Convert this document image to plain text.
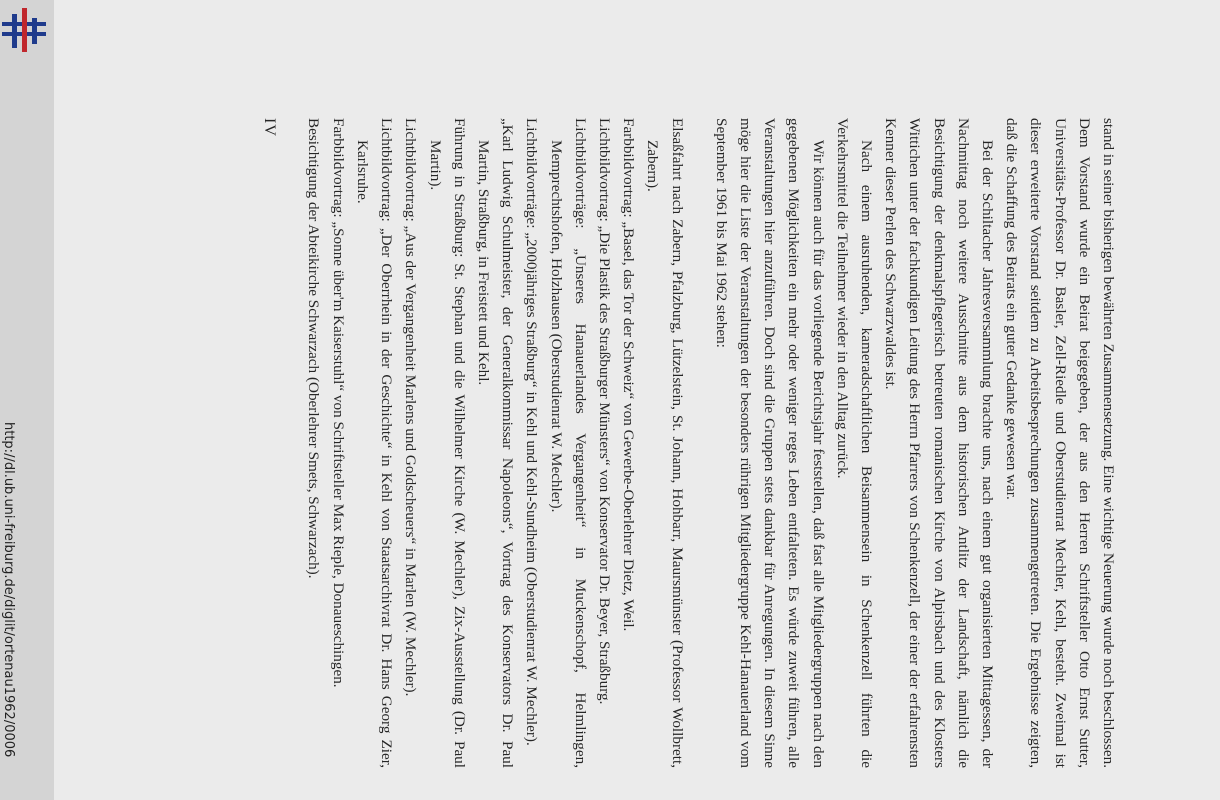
http://dl.ub.uni-freiburg.de/diglit/ortenau1962/0006	stand in seiner bisherigen bewährten Zusammensetzung. Eine wichtige Neuerung wurde noch beschlossen. Dem Vorstand wurde ein Beirat beigegeben, der aus den Herren Schriftsteller Otto Ernst Sutter, Universitäts-Professor Dr. Basler, Zell-Riedle und Oberstudienrat Mechler, Kehl, besteht. Zweimal ist dieser erweiterte Vorstand seitdem zu Arbeitsbesprechungen zusammengetreten. Die Ergebnisse zeigten, daß die Schaffung des Beirats ein guter Gedanke gewesen war.

Bei der Schiltacher Jahresversammlung brachte uns, nach einem gut organisierten Mittagessen, der Nachmittag noch weitere Ausschnitte aus dem historischen Antlitz der Landschaft, nämlich die Besichtigung der denkmalspflegerisch betreuten romanischen Kirche von Alpirsbach und des Klosters Wittichen unter der fachkundigen Leitung des Herrn Pfarrers von Schenkenzell, der einer der erfahrensten Kenner dieser Perlen des Schwarzwaldes ist.

Nach einem ausruhenden, kameradschaftlichen Beisammensein in Schenkenzell führten die Verkehrsmittel die Teilnehmer wieder in den Alltag zurück.

Wir können auch für das vorliegende Berichtsjahr feststellen, daß fast alle Mitgliedergruppen nach den gegebenen Möglichkeiten ein mehr oder weniger reges Leben entfalteten. Es würde zuweit führen, alle Veranstaltungen hier anzuführen. Doch sind die Gruppen stets dankbar für Anregungen. In diesem Sinne möge hier die Liste der Veranstaltungen der besonders rührigen Mitgliedergruppe Kehl-Hanauerland vom September 1961 bis Mai 1962 stehen:

Elsaßfahrt nach Zabern, Pfalzburg, Lützelstein, St. Johann, Hohbarr, Maursmünster (Professor Wollbrett, Zabern).

Farbbildvortrag: „Basel, das Tor der Schweiz“ von Gewerbe-Oberlehrer Dietz, Weil.

Lichtbildvortrag: „Die Plastik des Straßburger Münsters“ von Konservator Dr. Beyer, Straßburg.

Lichtbildvorträge: „Unseres Hanauerlandes Vergangenheit“ in Muckenschopf, Helmlingen, Memprechtshofen, Holzhausen (Oberstudienrat W. Mechler).

Lichtbildvorträge: „2000jähriges Straßburg“ in Kehl und Kehl-Sundheim (Oberstudienrat W. Mechler).

„Karl Ludwig Schulmeister, der Generalkommissar Napoleons“, Vortrag des Konservators Dr. Paul Martin, Straßburg, in Freistett und Kehl.

Führung in Straßburg: St. Stephan und die Wilhelmer Kirche (W. Mechler), Zix-Ausstellung (Dr. Paul Martin).

Lichtbildvortrag: „Aus der Vergangenheit Marlens und Goldscheuers“ in Marlen (W. Mechler).

Lichtbildvortrag: „Der Oberrhein in der Geschichte“ in Kehl von Staatsarchivrat Dr. Hans Georg Zier, Karlsruhe.

Farbbildvortrag: „Sonne über'm Kaiserstuhl“ von Schriftsteller Max Rieple, Donaueschingen.

Besichtigung der Abteikirche Schwarzach (Oberlehrer Smets, Schwarzach).

IV
